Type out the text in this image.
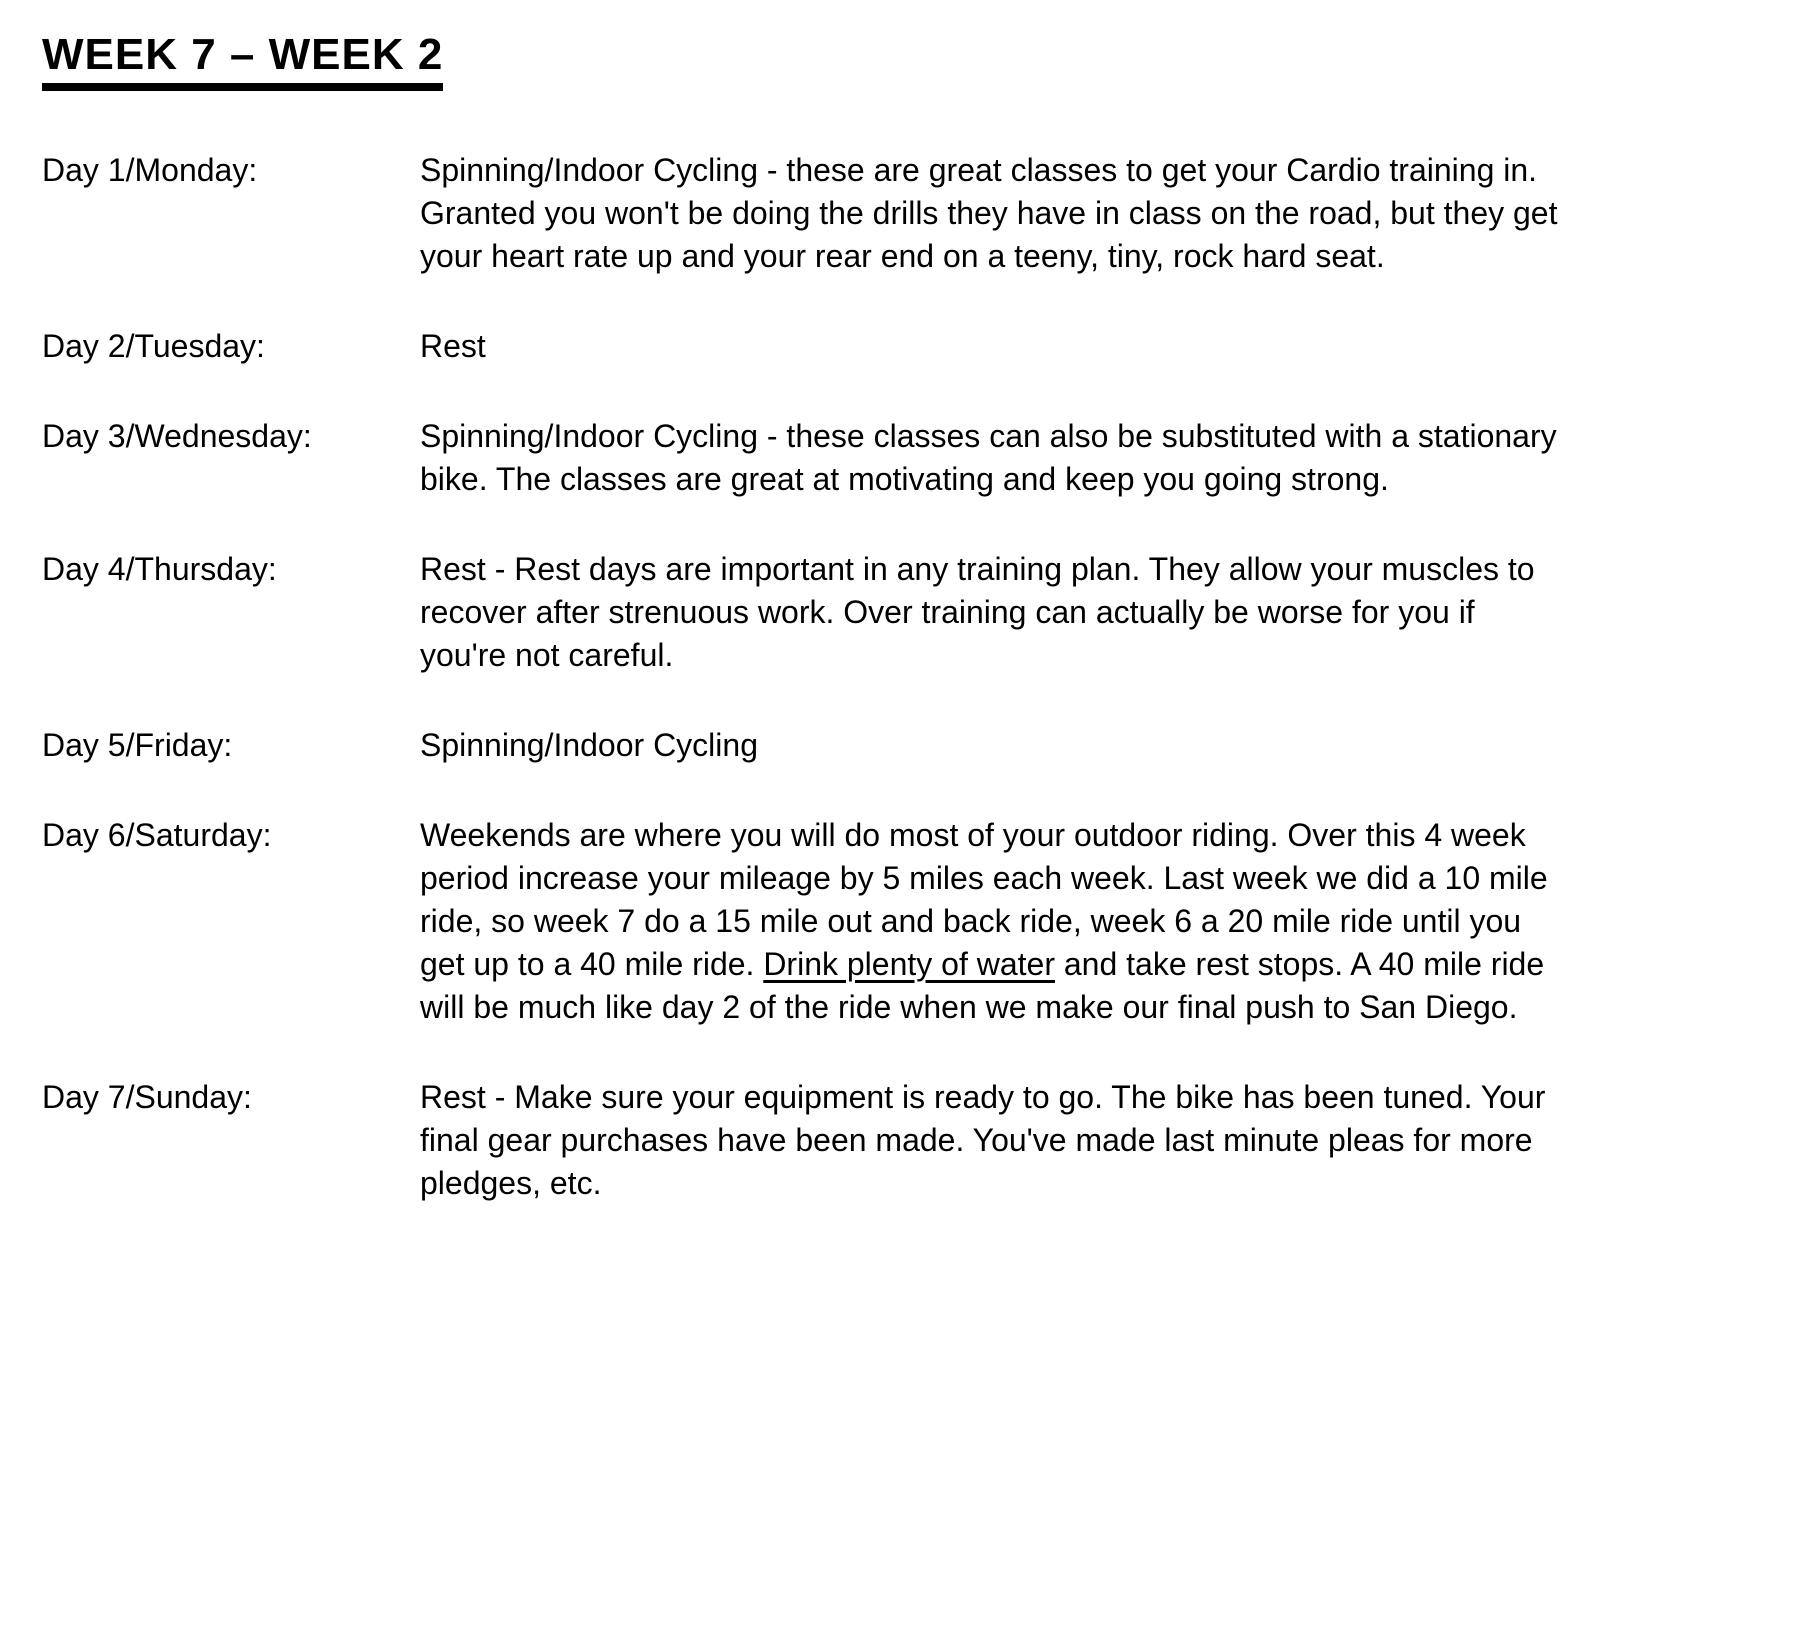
WEEK 7 – WEEK 2
Day 1/Monday:	Spinning/Indoor Cycling - these are great classes to get your Cardio training in. Granted you won't be doing the drills they have in class on the road, but they get your heart rate up and your rear end on a teeny, tiny, rock hard seat.
Day 2/Tuesday:	Rest
Day 3/Wednesday:	Spinning/Indoor Cycling - these classes can also be substituted with a stationary bike. The classes are great at motivating and keep you going strong.
Day 4/Thursday:	Rest - Rest days are important in any training plan. They allow your muscles to recover after strenuous work. Over training can actually be worse for you if you're not careful.
Day 5/Friday:	Spinning/Indoor Cycling
Day 6/Saturday:	Weekends are where you will do most of your outdoor riding. Over this 4 week period increase your mileage by 5 miles each week. Last week we did a 10 mile ride, so week 7 do a 15 mile out and back ride, week 6 a 20 mile ride until you get up to a 40 mile ride. Drink plenty of water and take rest stops. A 40 mile ride will be much like day 2 of the ride when we make our final push to San Diego.
Day 7/Sunday:	Rest - Make sure your equipment is ready to go. The bike has been tuned. Your final gear purchases have been made. You've made last minute pleas for more pledges, etc.
